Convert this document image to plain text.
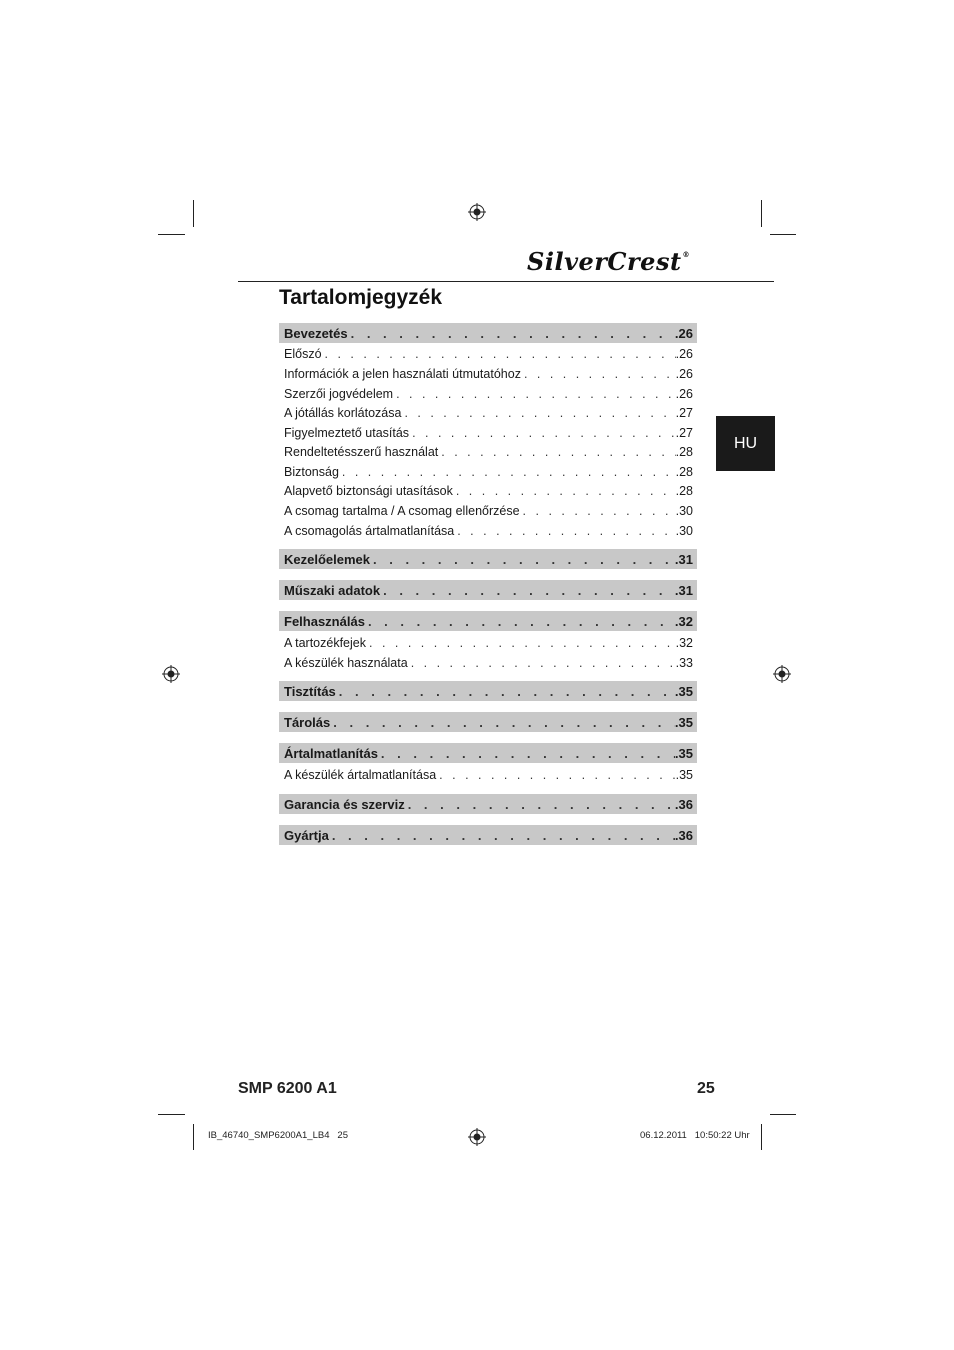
SilverCrest®
Tartalomjegyzék
HU
Bevezetés . . .	.26
Előszó . . .	.26
Információk a jelen használati útmutatóhoz . . .	.26
Szerzői jogvédelem . . .	.26
A jótállás korlátozása . . .	.27
Figyelmeztető utasítás . . .	.27
Rendeltetésszerű használat . . .	.28
Biztonság . . .	.28
Alapvető biztonsági utasítások . . .	.28
A csomag tartalma / A csomag ellenőrzése . . .	.30
A csomagolás ártalmatlanítása . . .	.30
Kezelőelemek . . .	.31
Műszaki adatok . . .	.31
Felhasználás . . .	.32
A tartozékfejek . . .	.32
A készülék használata . . .	.33
Tisztítás . . .	.35
Tárolás . . .	.35
Ártalmatlanítás . . .	.35
A készülék ártalmatlanítása . . .	.35
Garancia és szerviz . . .	.36
Gyártja . . .	.36
SMP 6200 A1	25
IB_46740_SMP6200A1_LB4   25	06.12.2011   10:50:22 Uhr
